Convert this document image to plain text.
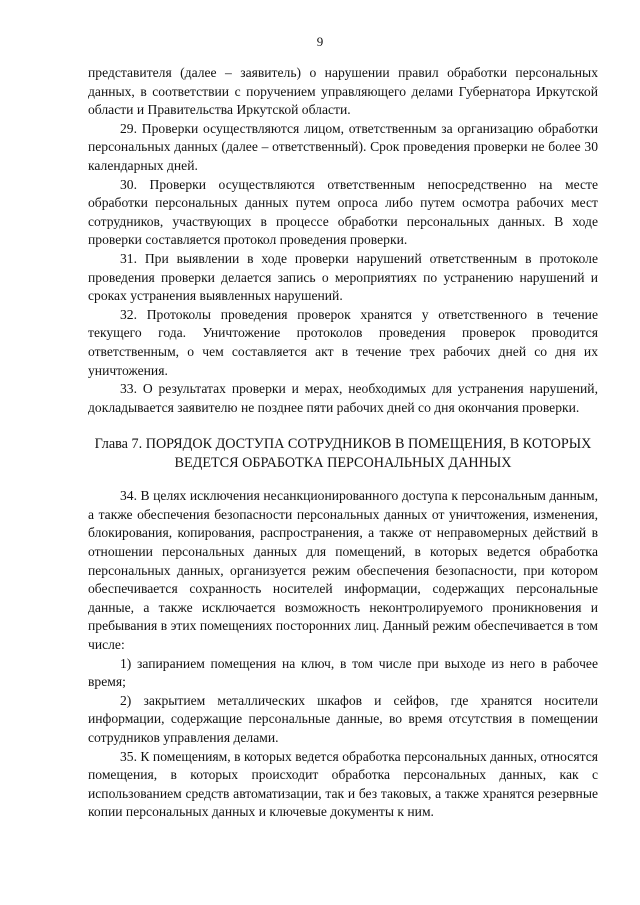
9

представителя (далее – заявитель) о нарушении правил обработки персональных данных, в соответствии с поручением управляющего делами Губернатора Иркутской области и Правительства Иркутской области.

29. Проверки осуществляются лицом, ответственным за организацию обработки персональных данных (далее – ответственный). Срок проведения проверки не более 30 календарных дней.

30. Проверки осуществляются ответственным непосредственно на месте обработки персональных данных путем опроса либо путем осмотра рабочих мест сотрудников, участвующих в процессе обработки персональных данных. В ходе проверки составляется протокол проведения проверки.

31. При выявлении в ходе проверки нарушений ответственным в протоколе проведения проверки делается запись о мероприятиях по устранению нарушений и сроках устранения выявленных нарушений.

32. Протоколы проведения проверок хранятся у ответственного в течение текущего года. Уничтожение протоколов проведения проверок проводится ответственным, о чем составляется акт в течение трех рабочих дней со дня их уничтожения.

33. О результатах проверки и мерах, необходимых для устранения нарушений, докладывается заявителю не позднее пяти рабочих дней со дня окончания проверки.

Глава 7. ПОРЯДОК ДОСТУПА СОТРУДНИКОВ В ПОМЕЩЕНИЯ, В КОТОРЫХ ВЕДЕТСЯ ОБРАБОТКА ПЕРСОНАЛЬНЫХ ДАННЫХ

34. В целях исключения несанкционированного доступа к персональным данным, а также обеспечения безопасности персональных данных от уничтожения, изменения, блокирования, копирования, распространения, а также от неправомерных действий в отношении персональных данных для помещений, в которых ведется обработка персональных данных, организуется режим обеспечения безопасности, при котором обеспечивается сохранность носителей информации, содержащих персональные данные, а также исключается возможность неконтролируемого проникновения и пребывания в этих помещениях посторонних лиц. Данный режим обеспечивается в том числе:

1) запиранием помещения на ключ, в том числе при выходе из него в рабочее время;

2) закрытием металлических шкафов и сейфов, где хранятся носители информации, содержащие персональные данные, во время отсутствия в помещении сотрудников управления делами.

35. К помещениям, в которых ведется обработка персональных данных, относятся помещения, в которых происходит обработка персональных данных, как с использованием средств автоматизации, так и без таковых, а также хранятся резервные копии персональных данных и ключевые документы к ним.
